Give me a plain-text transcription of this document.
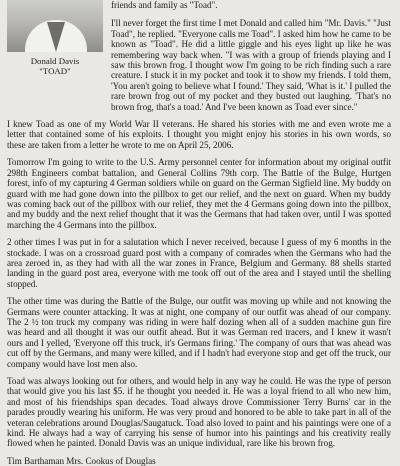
Donald Davis
"TOAD"

friends and family as "Toad".

I'll never forget the first time I met Donald and called him "Mr. Davis." "Just Toad", he replied. "Everyone calls me Toad". I asked him how he came to be known as "Toad". He did a little giggle and his eyes light up like he was remembering way back when. "I was with a group of friends playing and I saw this brown frog. I thought wow I'm going to be rich finding such a rare creature. I stuck it in my pocket and took it to show my friends. I told them, 'You aren't going to believe what I found.' They said, 'What is it.' I pulled the rare brown frog out of my pocket and they busted out laughing. 'That's no brown frog, that's a toad.' And I've been known as Toad ever since."

I knew Toad as one of my World War II veterans. He shared his stories with me and even wrote me a letter that contained some of his exploits. I thought you might enjoy his stories in his own words, so these are taken from a letter he wrote to me on April 25, 2006.

Tomorrow I'm going to write to the U.S. Army personnel center for information about my original outfit 298th Engineers combat battalion, and General Collins 79th corp. The Battle of the Bulge, Hurtgen forest, info of my capturing 4 German soldiers while on guard on the German Sigfield line. My buddy on guard with me had gone down into the pillbox to get our relief, and the next on guard. When my buddy was coming back out of the pillbox with our relief, they met the 4 Germans going down into the pillbox, and my buddy and the next relief thought that it was the Germans that had taken over, until I was spotted marching the 4 Germans into the pillbox.

2 other times I was put in for a salutation which I never received, because I guess of my 6 months in the stockade. I was on a crossroad guard post with a company of comrades when the Germans who had the area zeroed in, as they had with all the war zones in France, Belgium and Germany. 88 shells started landing in the guard post area, everyone with me took off out of the area and I stayed until the shelling stopped.

The other time was during the Battle of the Bulge, our outfit was moving up while and not knowing the Germans were counter attacking. It was at night, one company of our outfit was ahead of our company. The 2 ½ ton truck my company was riding in were half dozing when all of a sudden machine gun fire was heard and all thought it was our outfit ahead. But it was German red tracers, and I knew it wasn't ours and I yelled, 'Everyone off this truck, it's Germans firing.' The company of ours that was ahead was cut off by the Germans, and many were killed, and if I hadn't had everyone stop and get off the truck, our company would have lost men also.

Toad was always looking out for others, and would help in any way he could. He was the type of person that would give you his last $5. if he thought you needed it. He was a loyal friend to all who new him, and most of his friendships span decades. Toad always drove Commissioner Terry Burns' car in the parades proudly wearing his uniform. He was very proud and honored to be able to take part in all of the veteran celebrations around Douglas/Saugatuck. Toad also loved to paint and his paintings were one of a kind. He always had a way of carrying his sense of humor into his paintings and his creativity really flowed when he painted. Donald Davis was an unique individual, rare like his brown frog.

Tim Barthaman Mrs. Cookus of Douglas
